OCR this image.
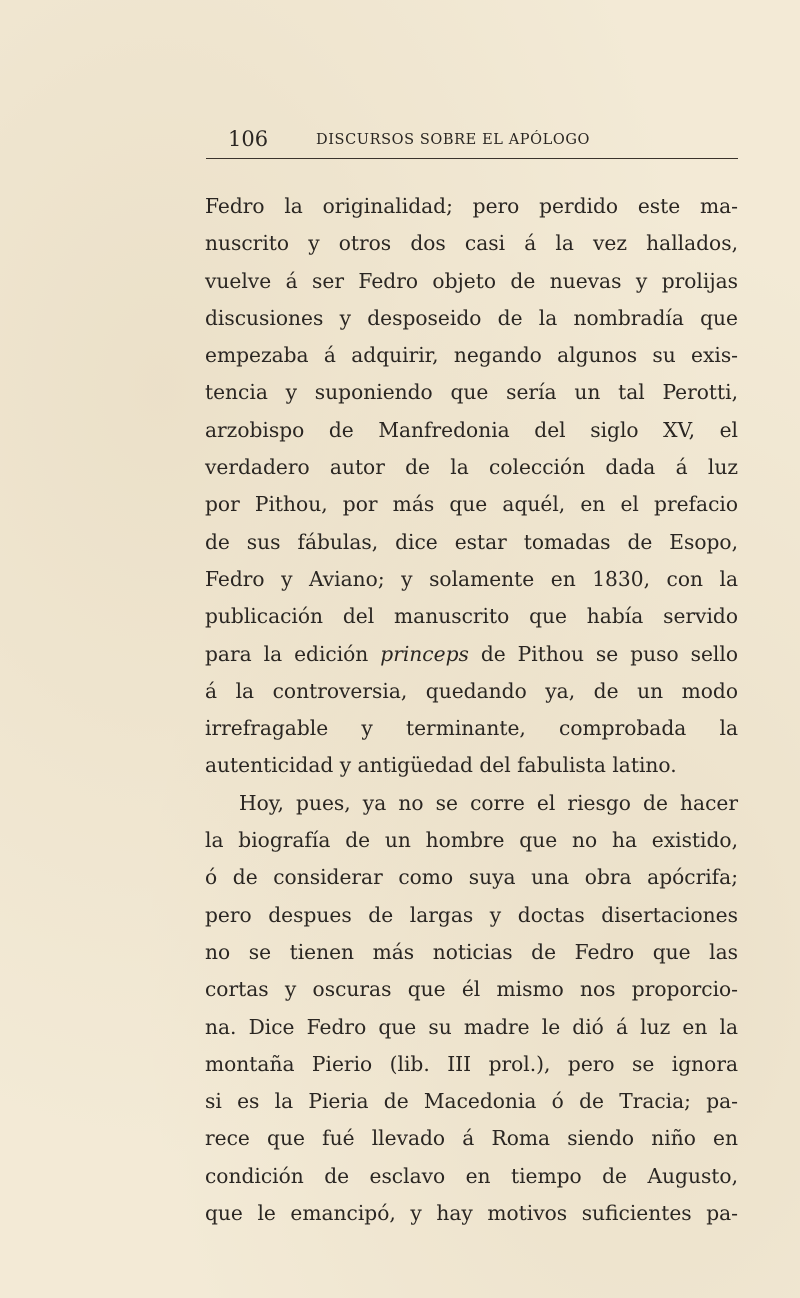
106	DISCURSOS SOBRE EL APÓLOGO
Fedro la originalidad; pero perdido este ma-
nuscrito y otros dos casi á la vez hallados,
vuelve á ser Fedro objeto de nuevas y prolijas
discusiones y desposeido de la nombradía que
empezaba á adquirir, negando algunos su exis-
tencia y suponiendo que sería un tal Perotti,
arzobispo de Manfredonia del siglo XV, el
verdadero autor de la colección dada á luz
por Pithou, por más que aquél, en el prefacio
de sus fábulas, dice estar tomadas de Esopo,
Fedro y Aviano; y solamente en 1830, con la
publicación del manuscrito que había servido
para la edición princeps de Pithou se puso sello
á la controversia, quedando ya, de un modo
irrefragable y terminante, comprobada la
autenticidad y antigüedad del fabulista latino.
Hoy, pues, ya no se corre el riesgo de hacer
la biografía de un hombre que no ha existido,
ó de considerar como suya una obra apócrifa;
pero despues de largas y doctas disertaciones
no se tienen más noticias de Fedro que las
cortas y oscuras que él mismo nos proporcio-
na. Dice Fedro que su madre le dió á luz en la
montaña Pierio (lib. III prol.), pero se ignora
si es la Pieria de Macedonia ó de Tracia; pa-
rece que fué llevado á Roma siendo niño en
condición de esclavo en tiempo de Augusto,
que le emancipó, y hay motivos suficientes pa-
